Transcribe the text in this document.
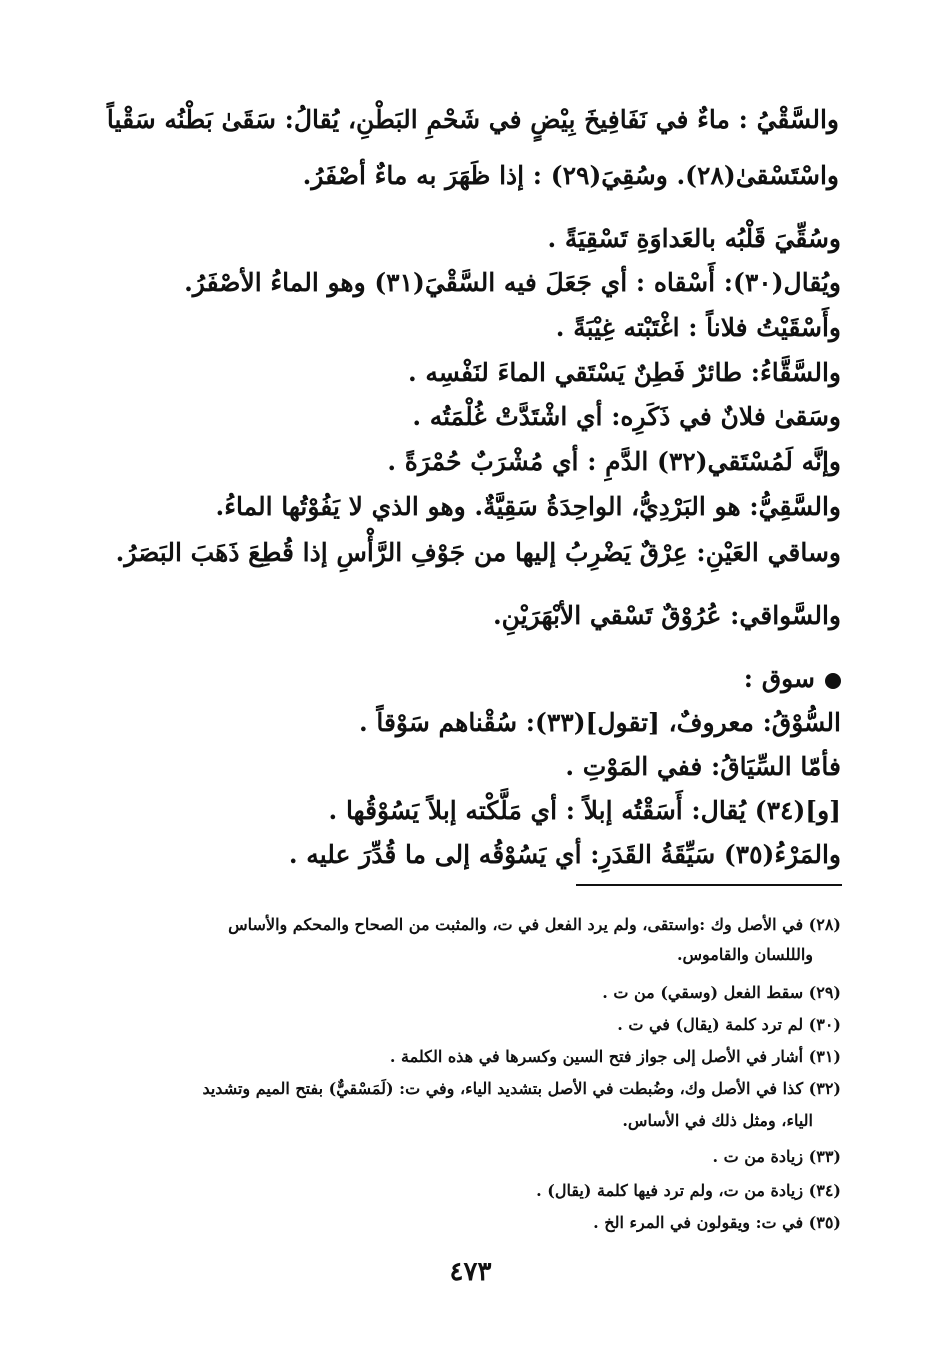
والسَّقْيُ : ماءٌ في نَفَافِيخَ بِيْضٍ في شَحْمِ البَطْنِ، يُقالُ: سَقَىٰ بَطْنُه سَقْياً
واسْتَسْقىٰ(٢٨). وسُقِيَ(٢٩) : إذا ظَهَرَ به ماءٌ أصْفَرُ.
وسُقِّيَ قَلْبُه بالعَداوَةِ تَسْقِيَةً .
ويُقال(٣٠): أَسْقاه : أي جَعَلَ فيه السَّقْيَ(٣١) وهو الماءُ الأصْفَرُ.
وأَسْقَيْتُ فلاناً : اغْتَبْته غِيْبَةً .
والسَّقَّاءُ: طائرٌ فَطِنٌ يَسْتَقي الماءَ لنَفْسِه .
وسَقىٰ فلانٌ في ذَكَرِه: أي اشْتَدَّتْ غُلْمَتُه .
وإنَّه لَمُسْتَقي(٣٢) الدَّمِ : أي مُشْرَبٌ حُمْرَةً .
والسَّقِيُّ: هو البَرْدِيُّ، الواحِدَةُ سَقِيَّةٌ. وهو الذي لا يَفُوْتُها الماءُ.
وساقي العَيْنِ: عِرْقٌ يَضْرِبُ إليها من جَوْفِ الرَّأْسِ إذا قُطِعَ ذَهَبَ البَصَرُ.
والسَّواقي: عُرُوْقٌ تَسْقي الأبْهَرَيْنِ.
سوق :
السُّوْقُ: معروفٌ، [تقول](٣٣): سُقْناهم سَوْقاً .
فأمّا السِّيَاقُ: ففي المَوْتِ .
[و](٣٤) يُقال: أَسَقْتُه إبلاً : أي مَلَّكْته إبلاً يَسُوْقُها .
والمَرْءُ(٣٥) سَيِّقَةُ القَدَرِ: أي يَسُوْقُه إلى ما قُدِّرَ عليه .
(٢٨) في الأصل وك :واستقى، ولم يرد الفعل في ت، والمثبت من الصحاح والمحكم والأساس
والللسان والقاموس.
(٢٩) سقط الفعل (وسقي) من ت .
(٣٠) لم ترد كلمة (يقال) في ت .
(٣١) أشار في الأصل إلى جواز فتح السين وكسرها في هذه الكلمة .
(٣٢) كذا في الأصل وك، وضُبطت في الأصل بتشديد الياء، وفي ت: (لَمَسْقيٌّ) بفتح الميم وتشديد
الياء، ومثل ذلك في الأساس.
(٣٣) زيادة من ت .
(٣٤) زيادة من ت، ولم ترد فيها كلمة (يقال) .
(٣٥) في ت: ويقولون في المرء الخ .
٤٧٣
